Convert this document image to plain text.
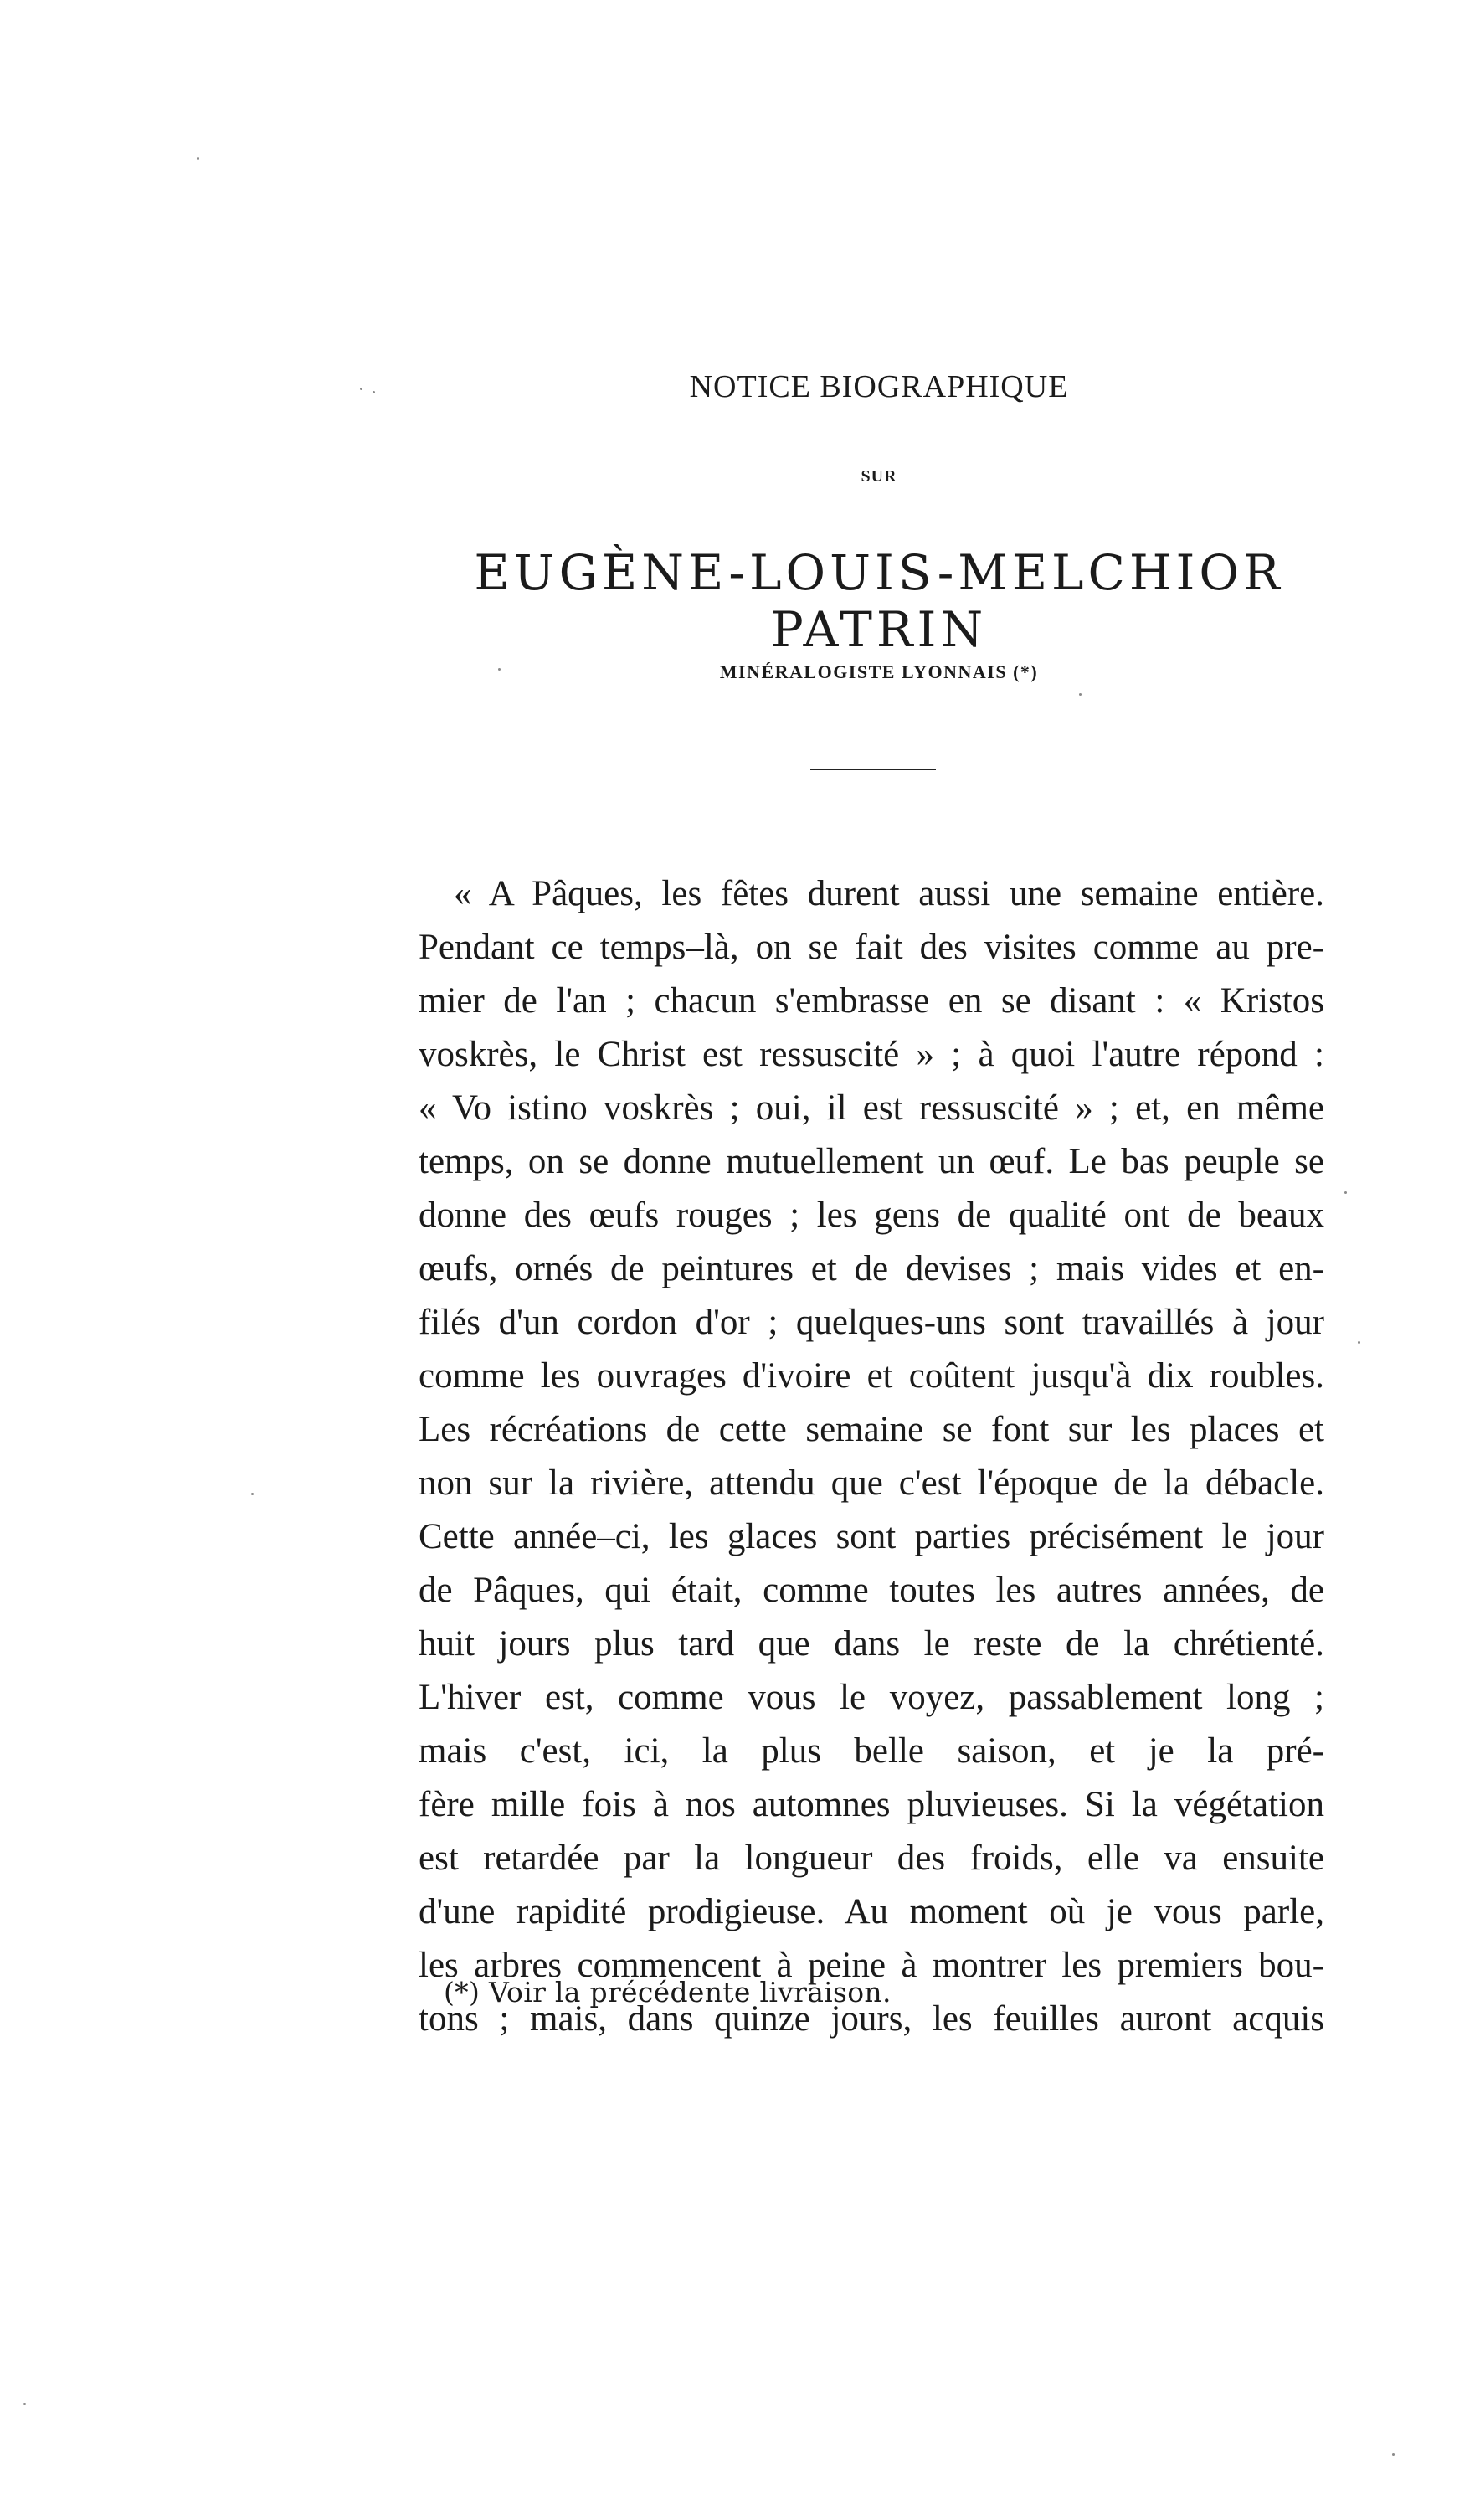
NOTICE BIOGRAPHIQUE
SUR
EUGÈNE-LOUIS-MELCHIOR PATRIN
MINÉRALOGISTE LYONNAIS (*)
« A Pâques, les fêtes durent aussi une semaine entière.
Pendant ce temps–là, on se fait des visites comme au pre-
mier de l'an ; chacun s'embrasse en se disant : « Kristos
voskrès, le Christ est ressuscité » ; à quoi l'autre répond :
« Vo istino voskrès ; oui, il est ressuscité » ; et, en même
temps, on se donne mutuellement un œuf. Le bas peuple se
donne des œufs rouges ; les gens de qualité ont de beaux
œufs, ornés de peintures et de devises ; mais vides et en-
filés d'un cordon d'or ; quelques-uns sont travaillés à jour
comme les ouvrages d'ivoire et coûtent jusqu'à dix roubles.
Les récréations de cette semaine se font sur les places et
non sur la rivière, attendu que c'est l'époque de la débacle.
Cette année–ci, les glaces sont parties précisément le jour
de Pâques, qui était, comme toutes les autres années, de
huit jours plus tard que dans le reste de la chrétienté.
L'hiver est, comme vous le voyez, passablement long ;
mais c'est, ici, la plus belle saison, et je la pré-
fère mille fois à nos automnes pluvieuses. Si la végétation
est retardée par la longueur des froids, elle va ensuite
d'une rapidité prodigieuse. Au moment où je vous parle,
les arbres commencent à peine à montrer les premiers bou-
tons ; mais, dans quinze jours, les feuilles auront acquis
(*) Voir la précédente livraison.
